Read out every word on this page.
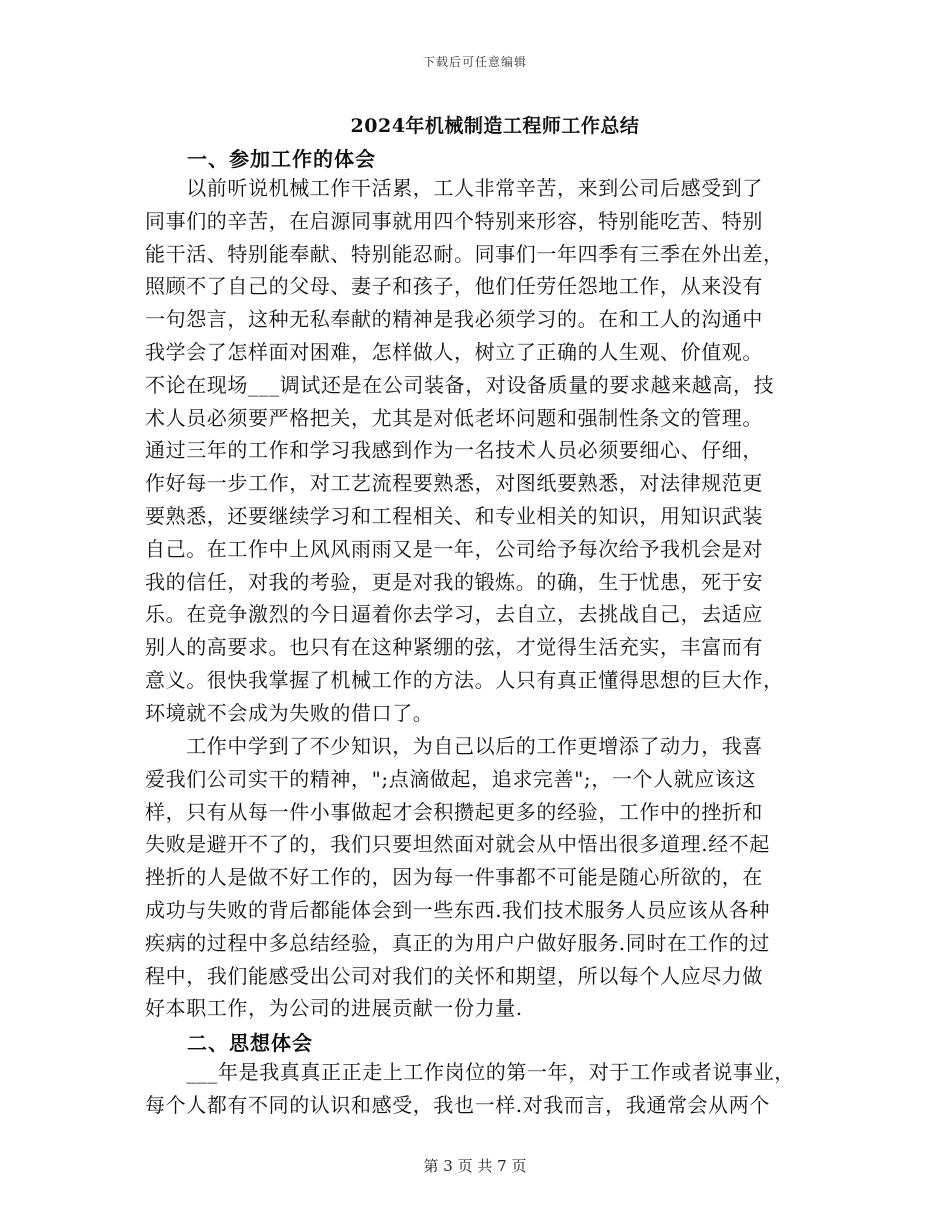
下载后可任意编辑
2024年机械制造工程师工作总结
一、参加工作的体会
　　以前听说机械工作干活累，工人非常辛苦，来到公司后感受到了
同事们的辛苦，在启源同事就用四个特别来形容，特别能吃苦、特别
能干活、特别能奉献、特别能忍耐。同事们一年四季有三季在外出差，
照顾不了自己的父母、妻子和孩子，他们任劳任怨地工作，从来没有
一句怨言，这种无私奉献的精神是我必须学习的。在和工人的沟通中
我学会了怎样面对困难，怎样做人，树立了正确的人生观、价值观。
不论在现场___调试还是在公司装备，对设备质量的要求越来越高，技
术人员必须要严格把关，尤其是对低老坏问题和强制性条文的管理。
通过三年的工作和学习我感到作为一名技术人员必须要细心、仔细，
作好每一步工作，对工艺流程要熟悉，对图纸要熟悉，对法律规范更
要熟悉，还要继续学习和工程相关、和专业相关的知识，用知识武装
自己。在工作中上风风雨雨又是一年，公司给予每次给予我机会是对
我的信任，对我的考验，更是对我的锻炼。的确，生于忧患，死于安
乐。在竞争激烈的今日逼着你去学习，去自立，去挑战自己，去适应
别人的高要求。也只有在这种紧绷的弦，才觉得生活充实，丰富而有
意义。很快我掌握了机械工作的方法。人只有真正懂得思想的巨大作，
环境就不会成为失败的借口了。
　　工作中学到了不少知识，为自己以后的工作更增添了动力，我喜
爱我们公司实干的精神，";点滴做起，追求完善";，一个人就应该这
样，只有从每一件小事做起才会积攒起更多的经验，工作中的挫折和
失败是避开不了的，我们只要坦然面对就会从中悟出很多道理.经不起
挫折的人是做不好工作的，因为每一件事都不可能是随心所欲的，在
成功与失败的背后都能体会到一些东西.我们技术服务人员应该从各种
疾病的过程中多总结经验，真正的为用户户做好服务.同时在工作的过
程中，我们能感受出公司对我们的关怀和期望，所以每个人应尽力做
好本职工作，为公司的进展贡献一份力量.
二、思想体会
　　___年是我真真正正走上工作岗位的第一年，对于工作或者说事业，
每个人都有不同的认识和感受，我也一样.对我而言，我通常会从两个
第 3 页 共 7 页
